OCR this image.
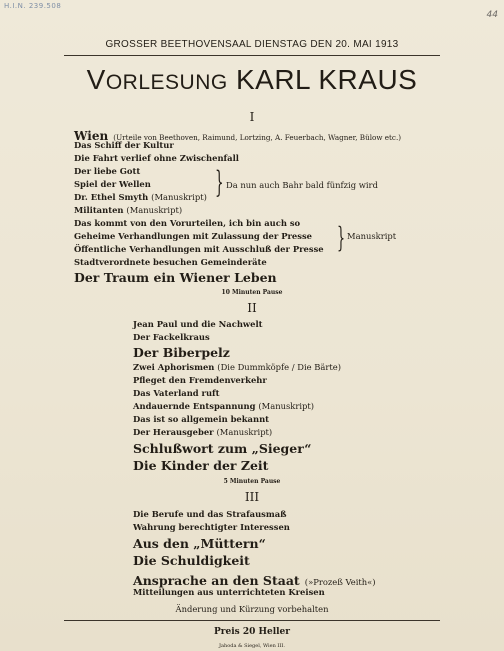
H.I.N. 239.508
44
GROSSER BEETHOVENSAAL DIENSTAG DEN 20. MAI 1913
VORLESUNG KARL KRAUS
I
Wien (Urteile von Beethoven, Raimund, Lortzing, A. Feuerbach, Wagner, Bülow etc.)
Das Schiff der Kultur
Die Fahrt verlief ohne Zwischenfall
Der liebe Gott
Spiel der Wellen
Dr. Ethel Smyth (Manuskript) } Da nun auch Bahr bald fünfzig wird
Militanten (Manuskript)
Das kommt von den Vorurteilen, ich bin auch so
Geheime Verhandlungen mit Zulassung der Presse
Öffentliche Verhandlungen mit Ausschluß der Presse } Manuskript
Stadtverordnete besuchen Gemeinderäte
Der Traum ein Wiener Leben
10 Minuten Pause
II
Jean Paul und die Nachwelt
Der Fackelkraus
Der Biberpelz
Zwei Aphorismen (Die Dummköpfe / Die Bärte)
Pfleget den Fremdenverkehr
Das Vaterland ruft
Andauernde Entspannung (Manuskript)
Das ist so allgemein bekannt
Der Herausgeber (Manuskript)
Schlußwort zum „Sieger“
Die Kinder der Zeit
5 Minuten Pause
III
Die Berufe und das Strafausmaß
Wahrung berechtigter Interessen
Aus den „Müttern“
Die Schuldigkeit
Ansprache an den Staat (»Prozeß Veith«)
Mitteilungen aus unterrichteten Kreisen
Änderung und Kürzung vorbehalten
Preis 20 Heller
Jahoda & Siegel, Wien III.
